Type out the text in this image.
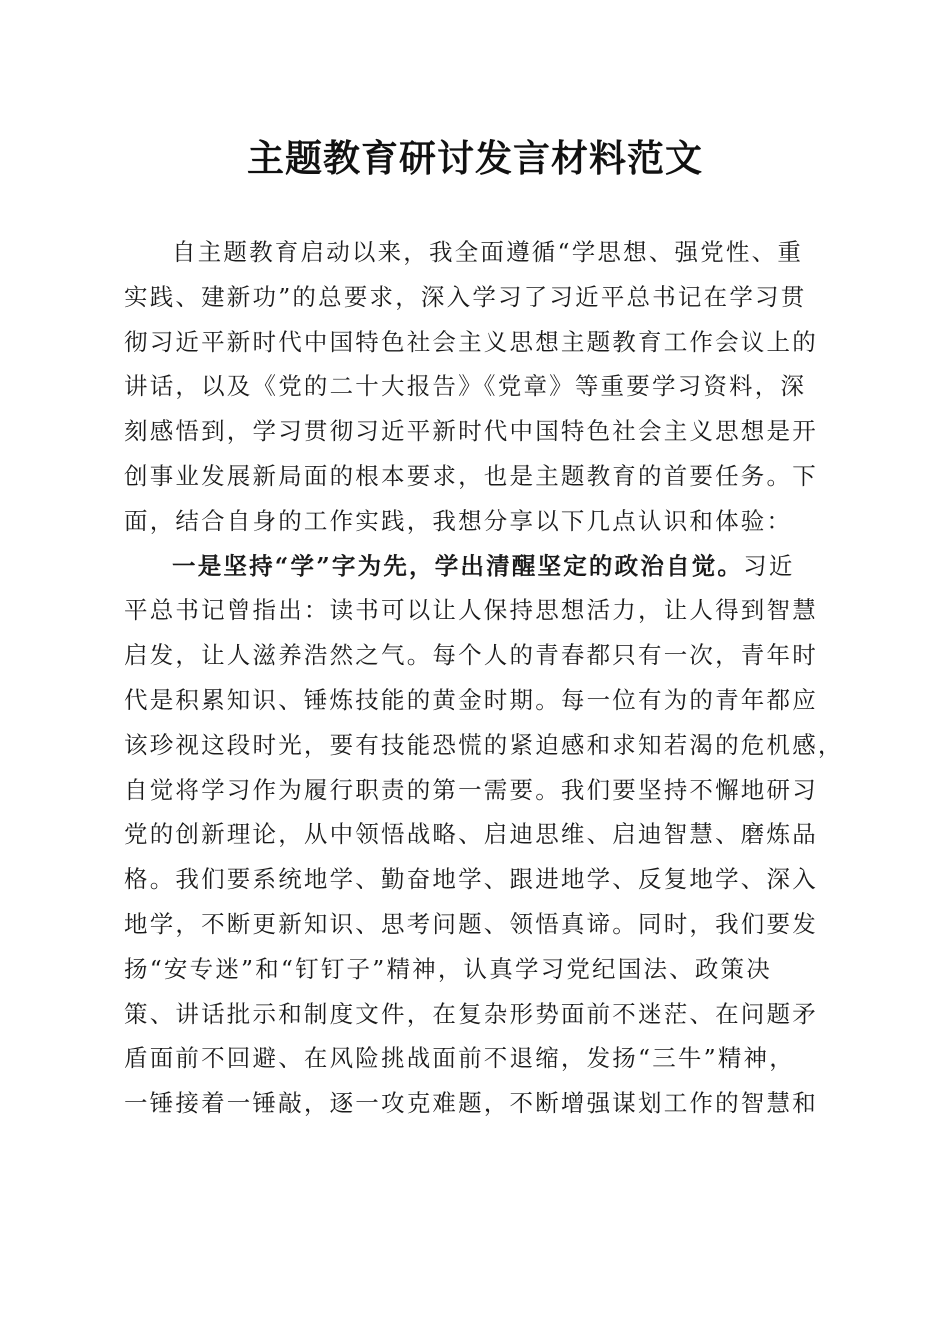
主题教育研讨发言材料范文
自主题教育启动以来，我全面遵循“学思想、强党性、重
实践、建新功”的总要求，深入学习了习近平总书记在学习贯
彻习近平新时代中国特色社会主义思想主题教育工作会议上的
讲话，以及《党的二十大报告》《党章》等重要学习资料，深
刻感悟到，学习贯彻习近平新时代中国特色社会主义思想是开
创事业发展新局面的根本要求，也是主题教育的首要任务。下
面，结合自身的工作实践，我想分享以下几点认识和体验：
一是坚持“学”字为先，学出清醒坚定的政治自觉。习近
平总书记曾指出：读书可以让人保持思想活力，让人得到智慧
启发，让人滋养浩然之气。每个人的青春都只有一次，青年时
代是积累知识、锤炼技能的黄金时期。每一位有为的青年都应
该珍视这段时光，要有技能恐慌的紧迫感和求知若渴的危机感，
自觉将学习作为履行职责的第一需要。我们要坚持不懈地研习
党的创新理论，从中领悟战略、启迪思维、启迪智慧、磨炼品
格。我们要系统地学、勤奋地学、跟进地学、反复地学、深入
地学，不断更新知识、思考问题、领悟真谛。同时，我们要发
扬“安专迷”和“钉钉子”精神，认真学习党纪国法、政策决
策、讲话批示和制度文件，在复杂形势面前不迷茫、在问题矛
盾面前不回避、在风险挑战面前不退缩，发扬“三牛”精神，
一锤接着一锤敲，逐一攻克难题，不断增强谋划工作的智慧和
